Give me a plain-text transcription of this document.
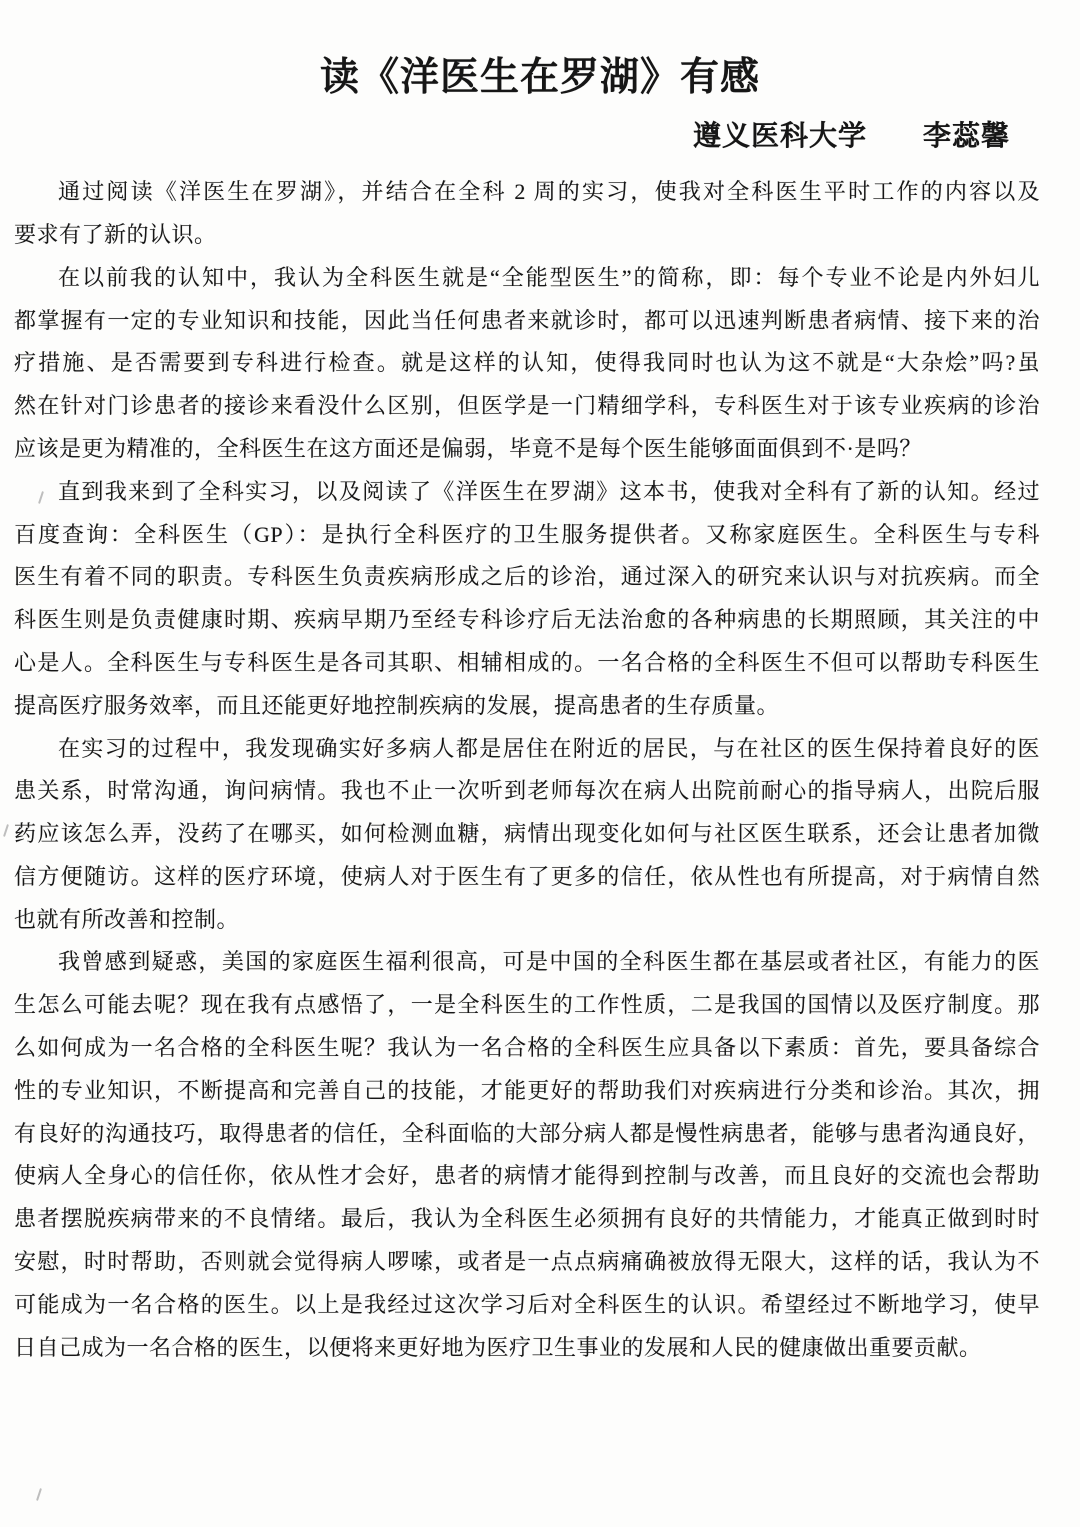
读《洋医生在罗湖》有感
遵义医科大学 李蕊馨
通过阅读《洋医生在罗湖》，并结合在全科 2 周的实习，使我对全科医生平时工作的内容以及
要求有了新的认识。
在以前我的认知中，我认为全科医生就是“全能型医生”的简称，即：每个专业不论是内外妇儿
都掌握有一定的专业知识和技能，因此当任何患者来就诊时，都可以迅速判断患者病情、接下来的治
疗措施、是否需要到专科进行检查。就是这样的认知，使得我同时也认为这不就是“大杂烩”吗?虽
然在针对门诊患者的接诊来看没什么区别，但医学是一门精细学科，专科医生对于该专业疾病的诊治
应该是更为精准的，全科医生在这方面还是偏弱，毕竟不是每个医生能够面面俱到不·是吗？
直到我来到了全科实习，以及阅读了《洋医生在罗湖》这本书，使我对全科有了新的认知。经过
百度查询：全科医生（GP）：是执行全科医疗的卫生服务提供者。又称家庭医生。全科医生与专科
医生有着不同的职责。专科医生负责疾病形成之后的诊治，通过深入的研究来认识与对抗疾病。而全
科医生则是负责健康时期、疾病早期乃至经专科诊疗后无法治愈的各种病患的长期照顾，其关注的中
心是人。全科医生与专科医生是各司其职、相辅相成的。一名合格的全科医生不但可以帮助专科医生
提高医疗服务效率，而且还能更好地控制疾病的发展，提高患者的生存质量。
在实习的过程中，我发现确实好多病人都是居住在附近的居民，与在社区的医生保持着良好的医
患关系，时常沟通，询问病情。我也不止一次听到老师每次在病人出院前耐心的指导病人，出院后服
药应该怎么弄，没药了在哪买，如何检测血糖，病情出现变化如何与社区医生联系，还会让患者加微
信方便随访。这样的医疗环境，使病人对于医生有了更多的信任，依从性也有所提高，对于病情自然
也就有所改善和控制。
我曾感到疑惑，美国的家庭医生福利很高，可是中国的全科医生都在基层或者社区，有能力的医
生怎么可能去呢？现在我有点感悟了，一是全科医生的工作性质，二是我国的国情以及医疗制度。那
么如何成为一名合格的全科医生呢？我认为一名合格的全科医生应具备以下素质：首先，要具备综合
性的专业知识，不断提高和完善自己的技能，才能更好的帮助我们对疾病进行分类和诊治。其次，拥
有良好的沟通技巧，取得患者的信任，全科面临的大部分病人都是慢性病患者，能够与患者沟通良好，
使病人全身心的信任你，依从性才会好，患者的病情才能得到控制与改善，而且良好的交流也会帮助
患者摆脱疾病带来的不良情绪。最后，我认为全科医生必须拥有良好的共情能力，才能真正做到时时
安慰，时时帮助，否则就会觉得病人啰嗦，或者是一点点病痛确被放得无限大，这样的话，我认为不
可能成为一名合格的医生。以上是我经过这次学习后对全科医生的认识。希望经过不断地学习，使早
日自己成为一名合格的医生，以便将来更好地为医疗卫生事业的发展和人民的健康做出重要贡献。
